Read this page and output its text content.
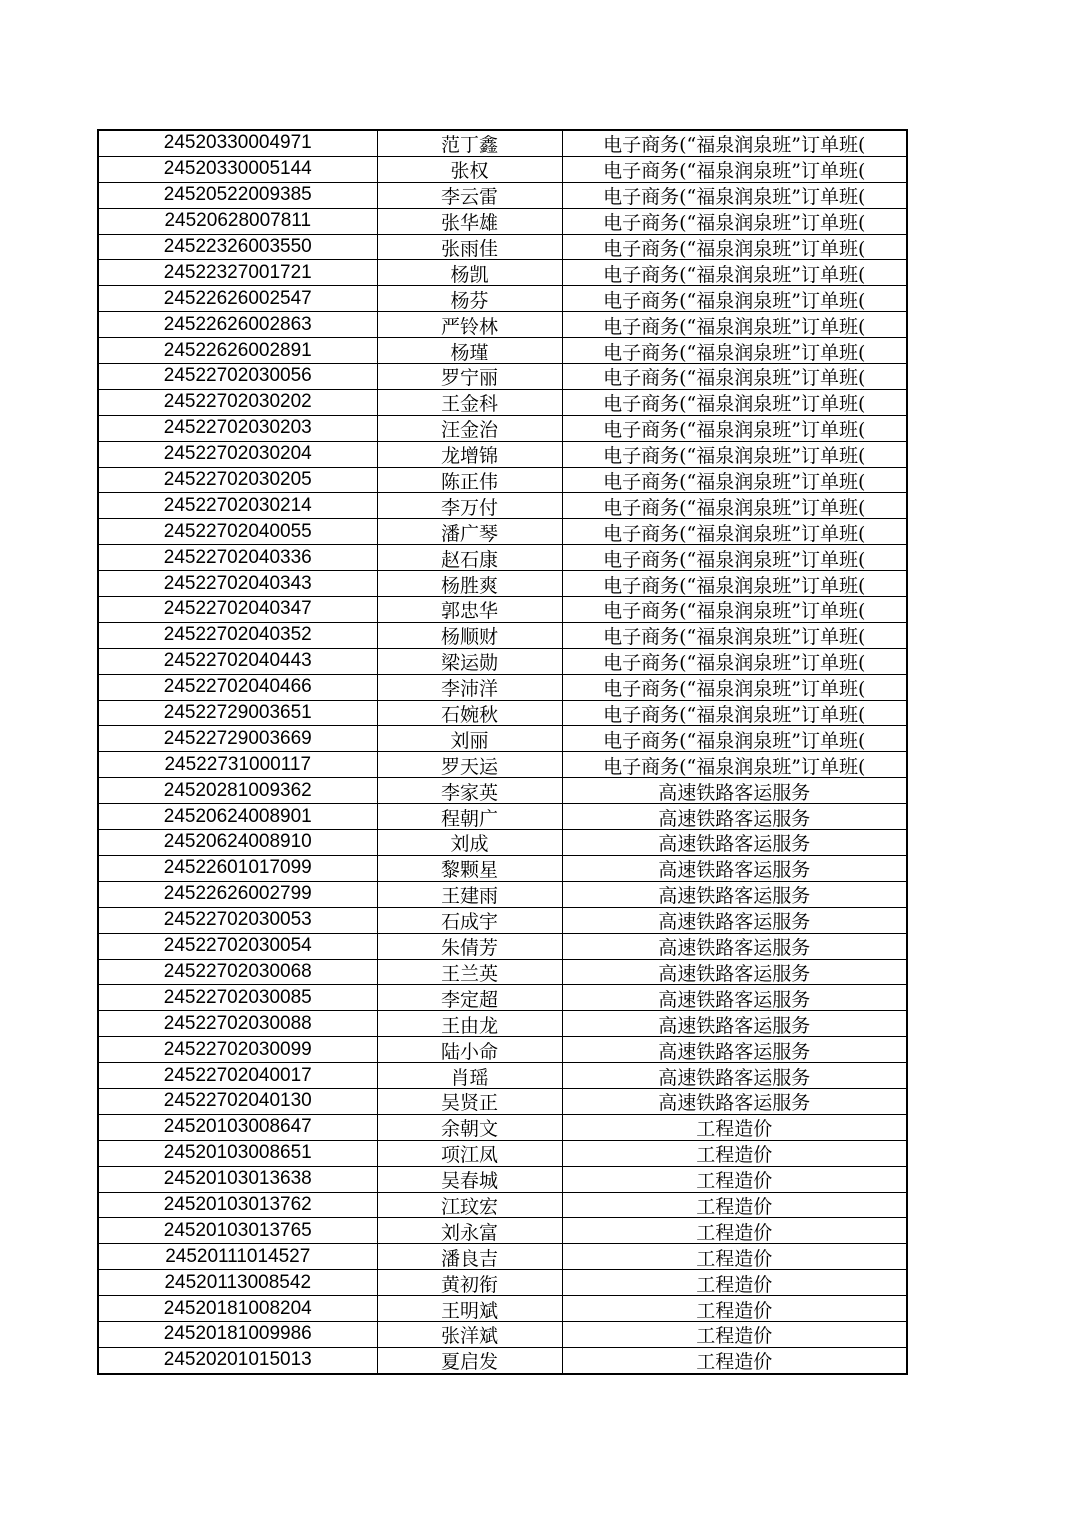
24520330004971	范丁鑫	电子商务(“福泉润泉班”订单班(
24520330005144	张权	电子商务(“福泉润泉班”订单班(
24520522009385	李云雷	电子商务(“福泉润泉班”订单班(
24520628007811	张华雄	电子商务(“福泉润泉班”订单班(
24522326003550	张雨佳	电子商务(“福泉润泉班”订单班(
24522327001721	杨凯	电子商务(“福泉润泉班”订单班(
24522626002547	杨芬	电子商务(“福泉润泉班”订单班(
24522626002863	严铃林	电子商务(“福泉润泉班”订单班(
24522626002891	杨瑾	电子商务(“福泉润泉班”订单班(
24522702030056	罗宁丽	电子商务(“福泉润泉班”订单班(
24522702030202	王金科	电子商务(“福泉润泉班”订单班(
24522702030203	汪金治	电子商务(“福泉润泉班”订单班(
24522702030204	龙增锦	电子商务(“福泉润泉班”订单班(
24522702030205	陈正伟	电子商务(“福泉润泉班”订单班(
24522702030214	李万付	电子商务(“福泉润泉班”订单班(
24522702040055	潘广琴	电子商务(“福泉润泉班”订单班(
24522702040336	赵石康	电子商务(“福泉润泉班”订单班(
24522702040343	杨胜爽	电子商务(“福泉润泉班”订单班(
24522702040347	郭忠华	电子商务(“福泉润泉班”订单班(
24522702040352	杨顺财	电子商务(“福泉润泉班”订单班(
24522702040443	梁运勋	电子商务(“福泉润泉班”订单班(
24522702040466	李沛洋	电子商务(“福泉润泉班”订单班(
24522729003651	石婉秋	电子商务(“福泉润泉班”订单班(
24522729003669	刘丽	电子商务(“福泉润泉班”订单班(
24522731000117	罗天运	电子商务(“福泉润泉班”订单班(
24520281009362	李家英	高速铁路客运服务
24520624008901	程朝广	高速铁路客运服务
24520624008910	刘成	高速铁路客运服务
24522601017099	黎颗星	高速铁路客运服务
24522626002799	王建雨	高速铁路客运服务
24522702030053	石成宇	高速铁路客运服务
24522702030054	朱倩芳	高速铁路客运服务
24522702030068	王兰英	高速铁路客运服务
24522702030085	李定超	高速铁路客运服务
24522702030088	王由龙	高速铁路客运服务
24522702030099	陆小命	高速铁路客运服务
24522702040017	肖瑶	高速铁路客运服务
24522702040130	吴贤正	高速铁路客运服务
24520103008647	余朝文	工程造价
24520103008651	项江凤	工程造价
24520103013638	吴春城	工程造价
24520103013762	江玟宏	工程造价
24520103013765	刘永富	工程造价
24520111014527	潘良吉	工程造价
24520113008542	黄初衔	工程造价
24520181008204	王明斌	工程造价
24520181009986	张洋斌	工程造价
24520201015013	夏启发	工程造价
